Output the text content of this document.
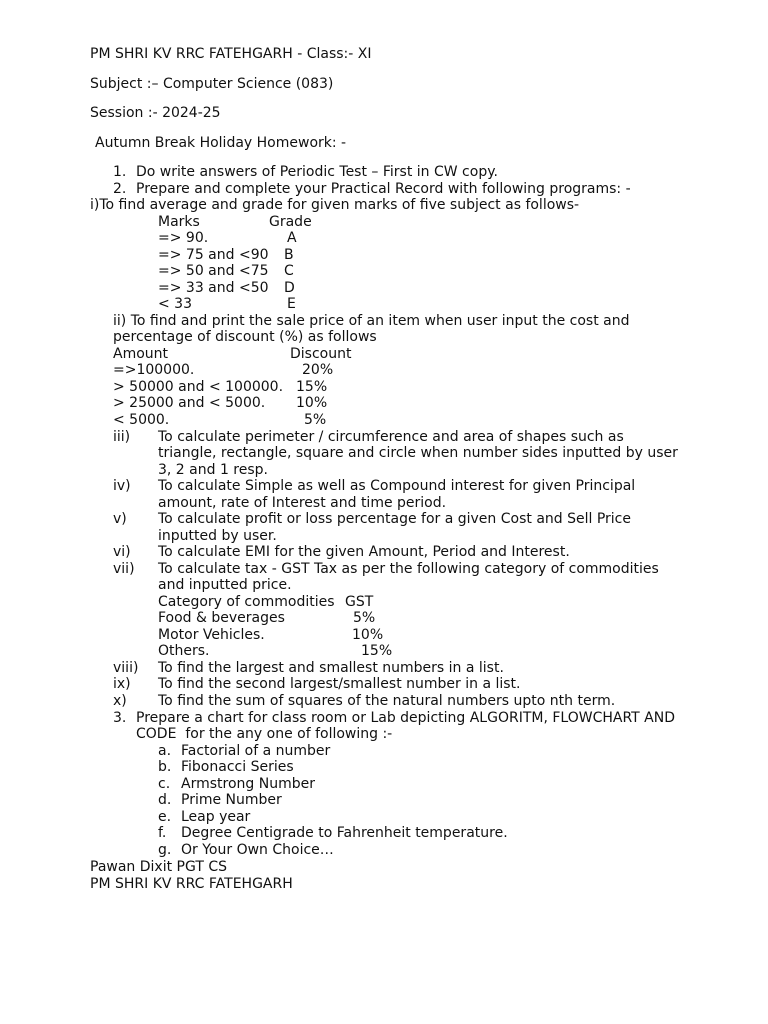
PM SHRI KV RRC FATEHGARH - Class:- XI
Subject :– Computer Science (083)
Session :- 2024-25
Autumn Break Holiday Homework: -
1. Do write answers of Periodic Test – First in CW copy.
2. Prepare and complete your Practical Record with following programs: -
i)To find average and grade for given marks of five subject as follows-
Marks	Grade
=> 90.	A
=> 75 and <90 B
=> 50 and <75 C
=> 33 and <50 D
< 33	E
ii) To find and print the sale price of an item when user input the cost and
percentage of discount (%) as follows
Amount	Discount
=>100000.	20%
> 50000 and < 100000. 15%
> 25000 and < 5000. 10%
< 5000.	5%
iii) To calculate perimeter / circumference and area of shapes such as
triangle, rectangle, square and circle when number sides inputted by user
3, 2 and 1 resp.
iv) To calculate Simple as well as Compound interest for given Principal
amount, rate of Interest and time period.
v) To calculate profit or loss percentage for a given Cost and Sell Price
inputted by user.
vi) To calculate EMI for the given Amount, Period and Interest.
vii) To calculate tax - GST Tax as per the following category of commodities
and inputted price.
Category of commodities GST
Food & beverages	5%
Motor Vehicles.	10%
Others.	15%
viii) To find the largest and smallest numbers in a list.
ix) To find the second largest/smallest number in a list.
x) To find the sum of squares of the natural numbers upto nth term.
3. Prepare a chart for class room or Lab depicting ALGORITM, FLOWCHART AND
CODE  for the any one of following :-
a. Factorial of a number
b. Fibonacci Series
c. Armstrong Number
d. Prime Number
e. Leap year
f. Degree Centigrade to Fahrenheit temperature.
g. Or Your Own Choice…
Pawan Dixit PGT CS
PM SHRI KV RRC FATEHGARH
